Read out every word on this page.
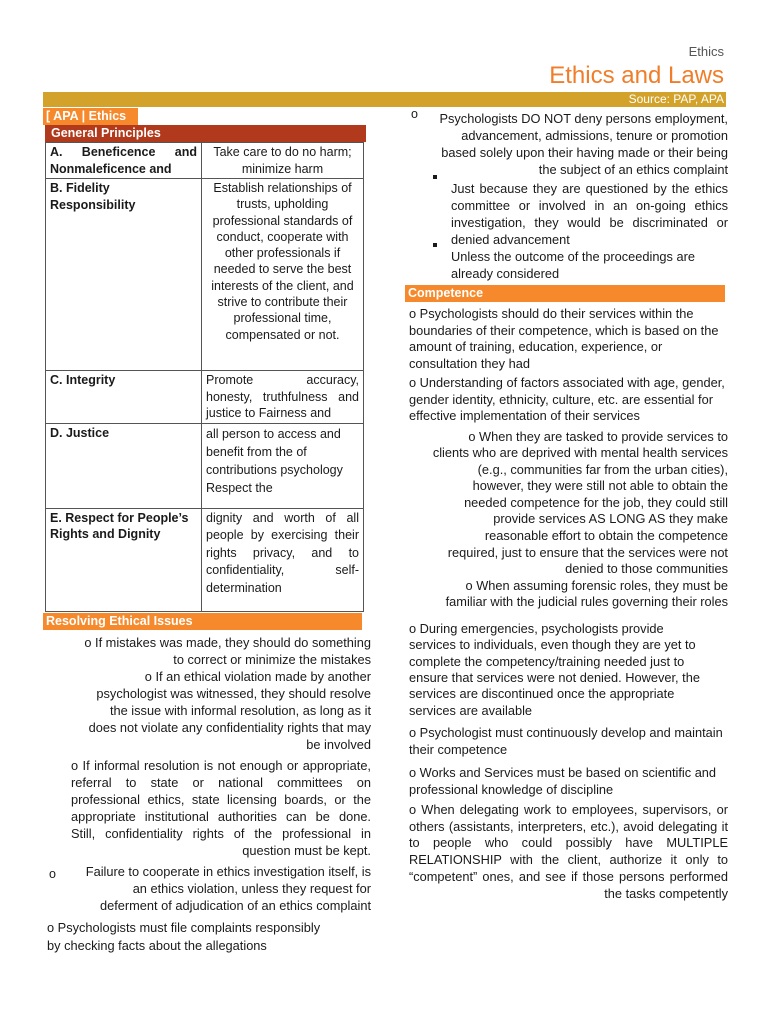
Ethics
Ethics and Laws
Source: PAP, APA
[ APA | Ethics
General Principles
A. Beneficence and Nonmaleficence and	Take care to do no harm; minimize harm
B. Fidelity Responsibility	Establish relationships of trusts, upholding professional standards of conduct, cooperate with other professionals if needed to serve the best interests of the client, and strive to contribute their professional time, compensated or not.
C. Integrity	Promote accuracy, honesty, truthfulness and justice to Fairness and
D. Justice	all person to access and benefit from the of contributions psychology Respect the
E. Respect for People’s Rights and Dignity	dignity and worth of all people by exercising their rights privacy, and to confidentiality, self-determination
Resolving Ethical Issues

o If mistakes was made, they should do something to correct or minimize the mistakes

o If an ethical violation made by another psychologist was witnessed, they should resolve the issue with informal resolution, as long as it does not violate any confidentiality rights that may be involved

o If informal resolution is not enough or appropriate, referral to state or national committees on professional ethics, state licensing boards, or the appropriate institutional authorities can be done. Still, confidentiality rights of the professional in question must be kept.

o	Failure to cooperate in ethics investigation itself, is an ethics violation, unless they request for deferment of adjudication of an ethics complaint

o Psychologists must file complaints responsibly by checking facts about the allegations

o	Psychologists DO NOT deny persons employment, advancement, admissions, tenure or promotion based solely upon their having made or their being the subject of an ethics complaint

Just because they are questioned by the ethics committee or involved in an on-going ethics investigation, they would be discriminated or denied advancement

Unless the outcome of the proceedings are already considered

Competence

o Psychologists should do their services within the boundaries of their competence, which is based on the amount of training, education, experience, or consultation they had

o Understanding of factors associated with age, gender, gender identity, ethnicity, culture, etc. are essential for effective implementation of their services

o When they are tasked to provide services to clients who are deprived with mental health services (e.g., communities far from the urban cities), however, they were still not able to obtain the needed competence for the job, they could still provide services AS LONG AS they make reasonable effort to obtain the competence required, just to ensure that the services were not denied to those communities

o When assuming forensic roles, they must be familiar with the judicial rules governing their roles

o During emergencies, psychologists provide services to individuals, even though they are yet to complete the competency/training needed just to ensure that services were not denied. However, the services are discontinued once the appropriate services are available

o Psychologist must continuously develop and maintain their competence

o Works and Services must be based on scientific and professional knowledge of discipline

o When delegating work to employees, supervisors, or others (assistants, interpreters, etc.), avoid delegating it to people who could possibly have MULTIPLE RELATIONSHIP with the client, authorize it only to “competent” ones, and see if those persons performed the tasks competently
